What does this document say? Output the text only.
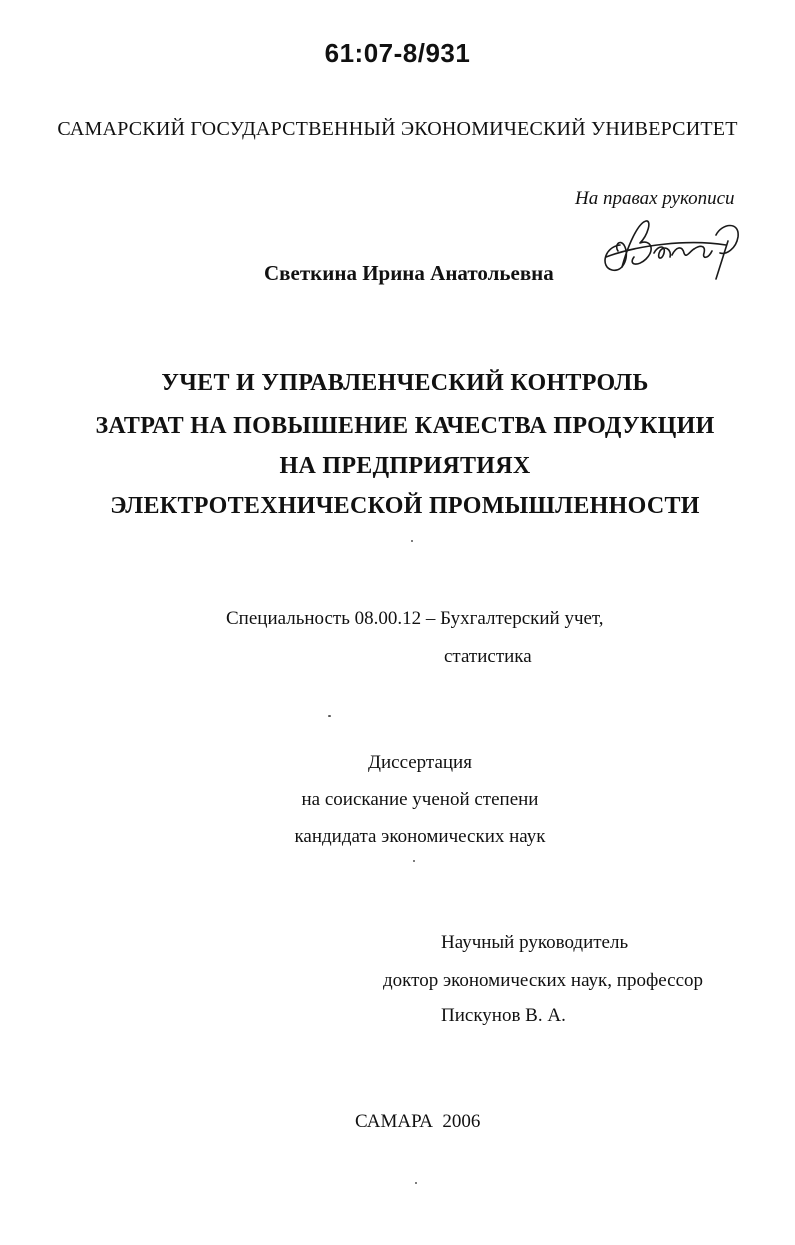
61:07-8/931
САМАРСКИЙ ГОСУДАРСТВЕННЫЙ ЭКОНОМИЧЕСКИЙ УНИВЕРСИТЕТ
На правах рукописи
Светкина Ирина Анатольевна
УЧЕТ И УПРАВЛЕНЧЕСКИЙ КОНТРОЛЬ
ЗАТРАТ НА ПОВЫШЕНИЕ КАЧЕСТВА ПРОДУКЦИИ
НА ПРЕДПРИЯТИЯХ
ЭЛЕКТРОТЕХНИЧЕСКОЙ ПРОМЫШЛЕННОСТИ
Специальность 08.00.12 – Бухгалтерский учет,
статистика
Диссертация
на соискание ученой степени
кандидата экономических наук
Научный руководитель
доктор экономических наук, профессор
Пискунов В. А.
САМАРА  2006
